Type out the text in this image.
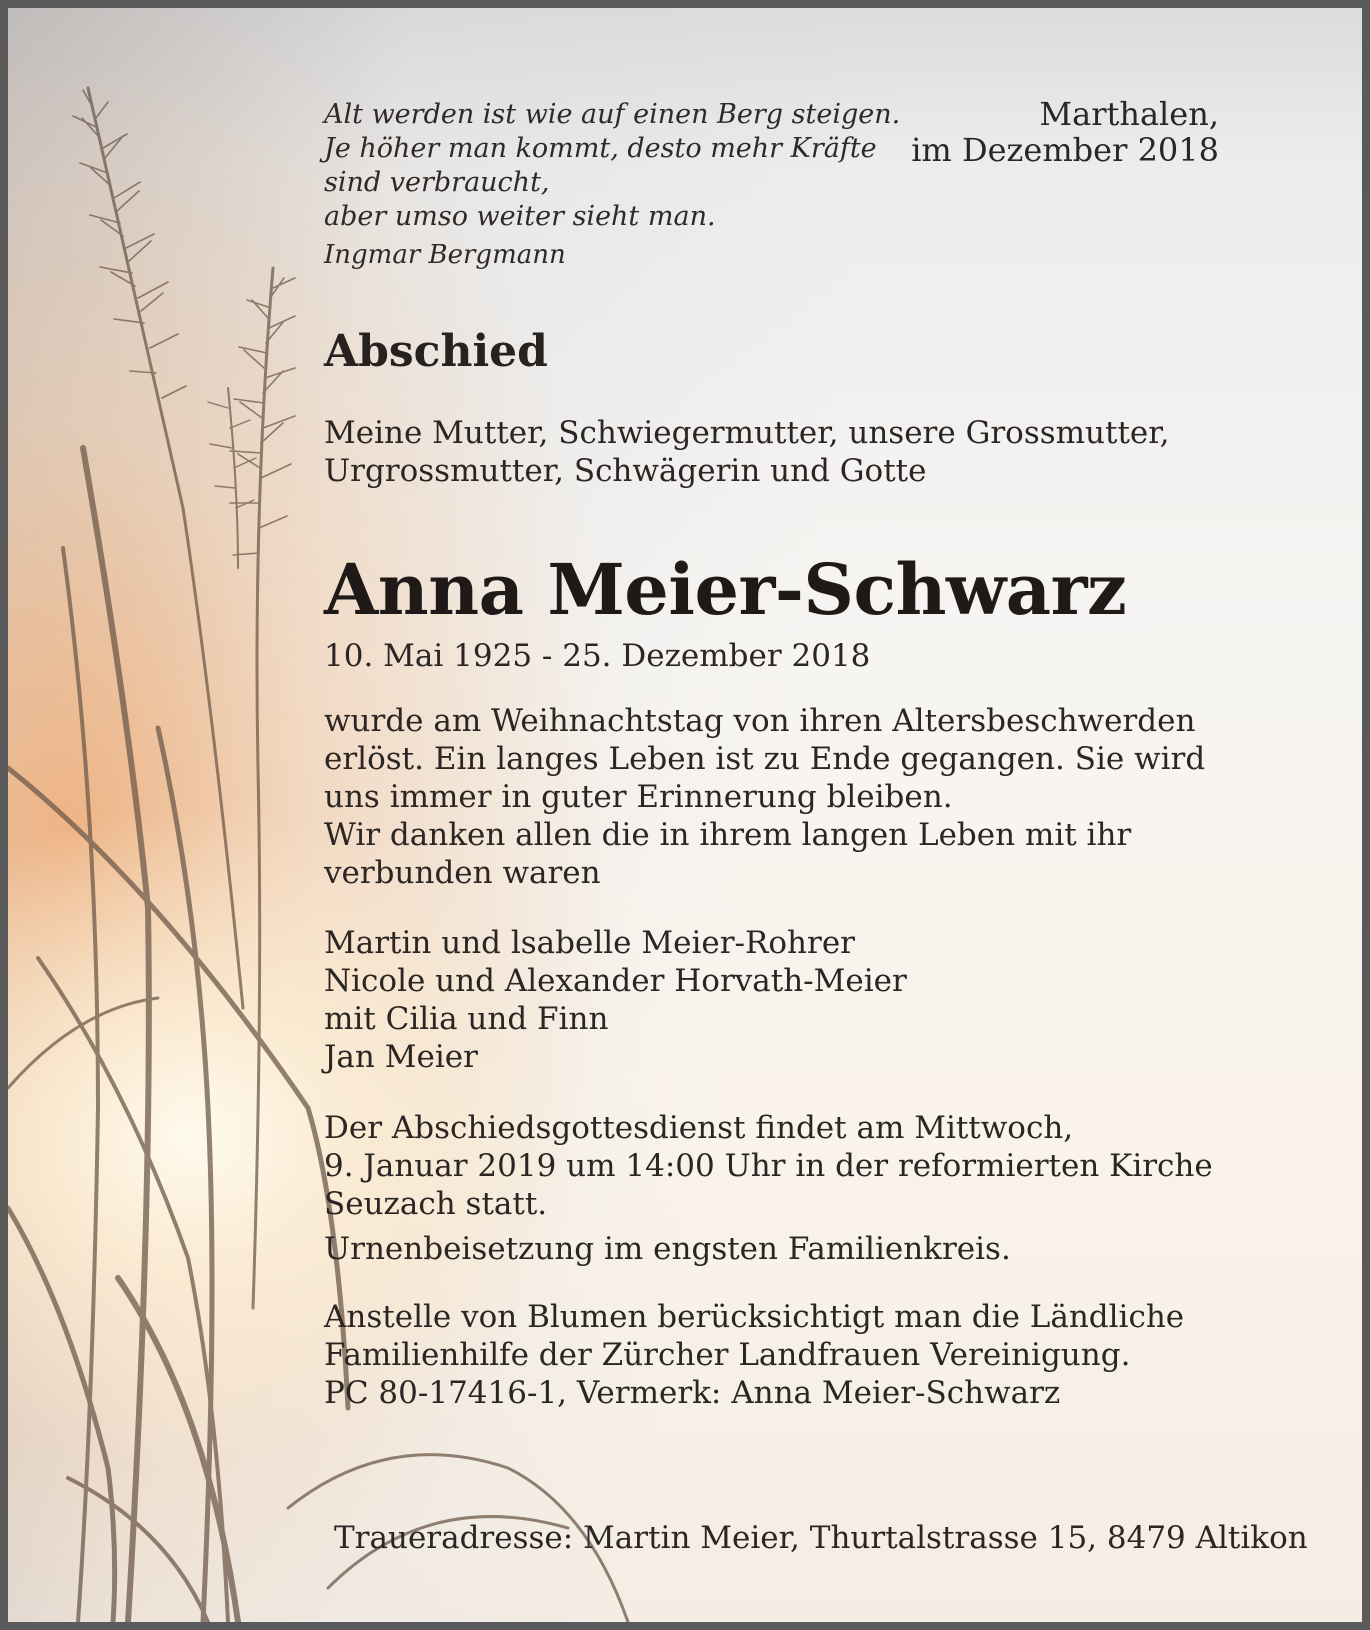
Alt werden ist wie auf einen Berg steigen.
Je höher man kommt, desto mehr Kräfte
sind verbraucht,
aber umso weiter sieht man.
Ingmar Bergmann
Marthalen,
im Dezember 2018
Abschied
Meine Mutter, Schwiegermutter, unsere Grossmutter,
Urgrossmutter, Schwägerin und Gotte
Anna Meier-Schwarz
10. Mai 1925 - 25. Dezember 2018
wurde am Weihnachtstag von ihren Altersbeschwerden
erlöst. Ein langes Leben ist zu Ende gegangen. Sie wird
uns immer in guter Erinnerung bleiben.
Wir danken allen die in ihrem langen Leben mit ihr
verbunden waren
Martin und lsabelle Meier-Rohrer
Nicole und Alexander Horvath-Meier
mit Cilia und Finn
Jan Meier
Der Abschiedsgottesdienst findet am Mittwoch,
9. Januar 2019 um 14:00 Uhr in der reformierten Kirche
Seuzach statt.
Urnenbeisetzung im engsten Familienkreis.
Anstelle von Blumen berücksichtigt man die Ländliche
Familienhilfe der Zürcher Landfrauen Vereinigung.
PC 80-17416-1, Vermerk: Anna Meier-Schwarz
Traueradresse: Martin Meier, Thurtalstrasse 15, 8479 Altikon
